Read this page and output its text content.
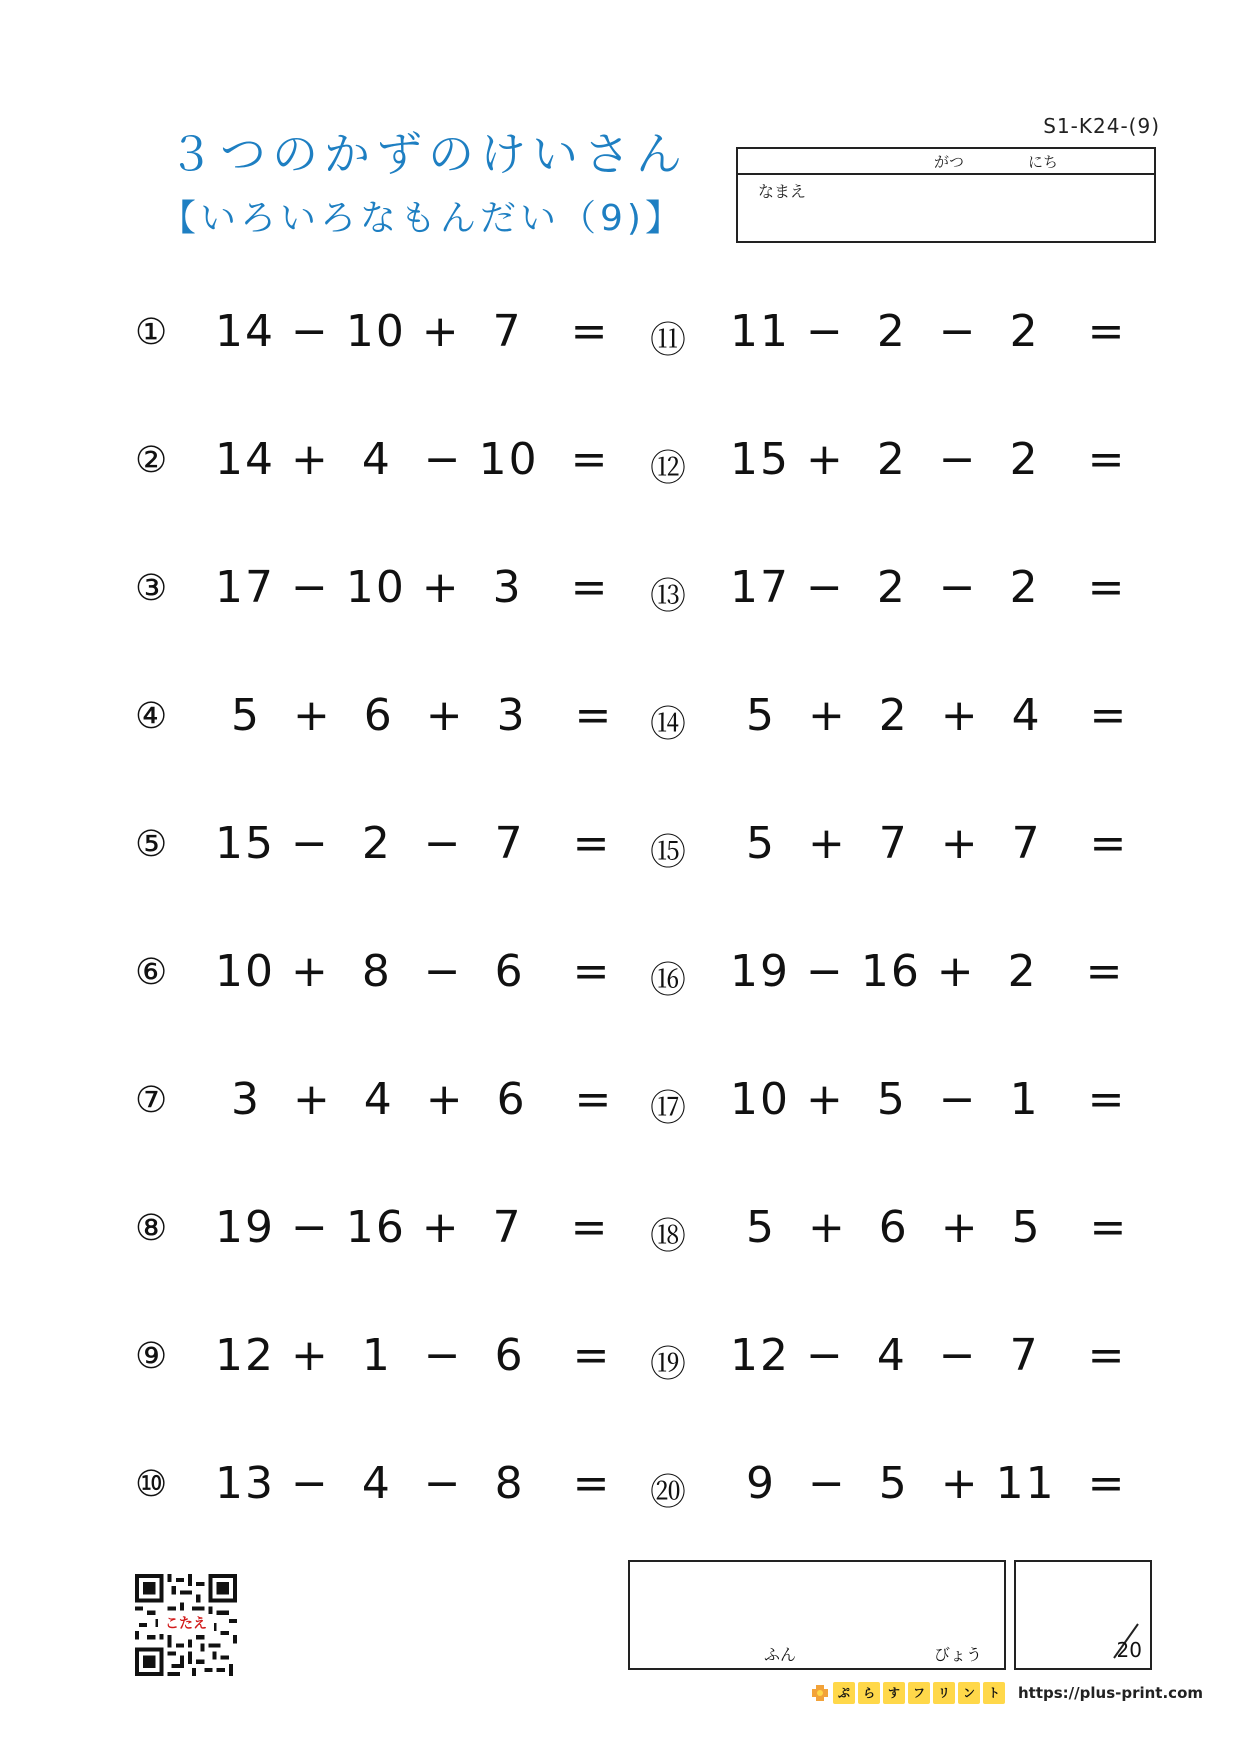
３つのかずのけいさん
【いろいろなもんだい（9)】
S1-K24-(9)
がつ	にち
なまえ
① 14 − 10 +  7   =
② 14 +  4  − 10  =
③ 17 − 10 +  3   =
④ 5  +  6  +  3   =
⑤ 15 −  2  −  7   =
⑥ 10 +  8  −  6   =
⑦ 3  +  4  +  6   =
⑧ 19 − 16 +  7   =
⑨ 12 +  1  −  6   =
⑩ 13 −  4  −  8   =
⑪ 11 −  2  −  2   =
⑫ 15 +  2  −  2   =
⑬ 17 −  2  −  2   =
⑭ 5  +  2  +  4   =
⑮ 5  +  7  +  7   =
⑯ 19 − 16 +  2   =
⑰ 10 +  5  −  1   =
⑱ 5  +  6  +  5   =
⑲ 12 −  4  −  7   =
⑳ 9  −  5  + 11  =
こたえ
ふん	びょう	20
ぷ	ら	す	フ	リ	ン	ト	https://plus-print.com
